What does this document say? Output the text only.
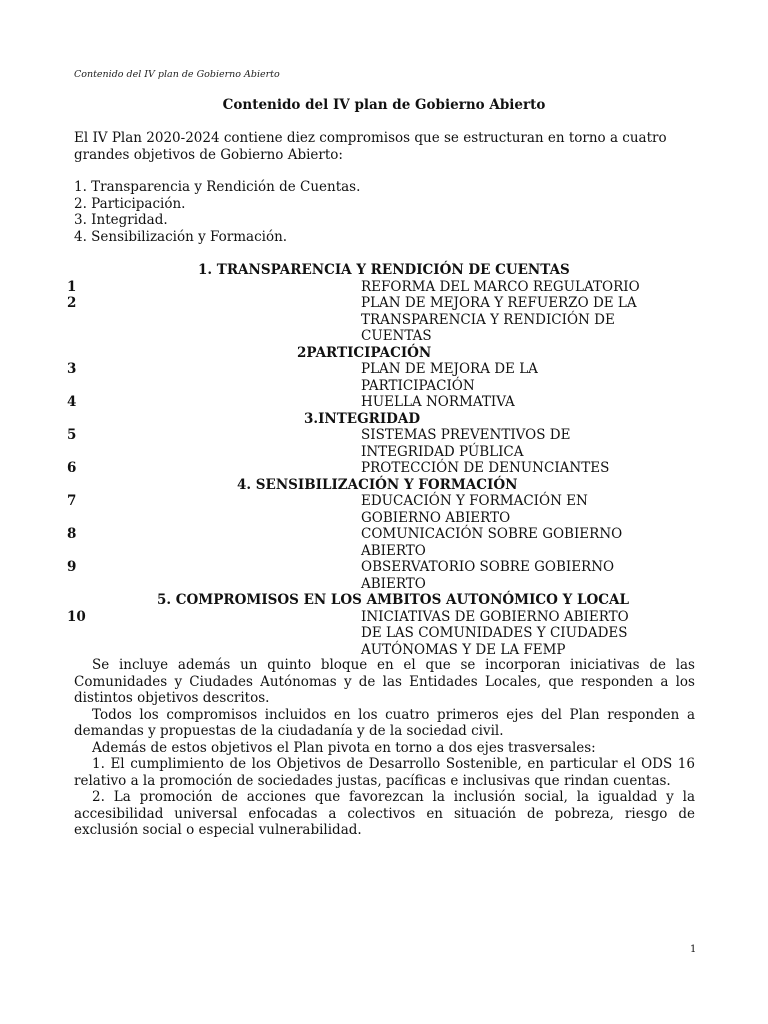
Contenido del IV plan de Gobierno Abierto
Contenido del IV plan de Gobierno Abierto

El IV Plan 2020-2024 contiene diez compromisos que se estructuran en torno a cuatro grandes objetivos de Gobierno Abierto:

1. Transparencia y Rendición de Cuentas.
2. Participación.
3. Integridad.
4. Sensibilización y Formación.
1. TRANSPARENCIA Y RENDICIÓN DE CUENTAS
1	REFORMA DEL MARCO REGULATORIO
2	PLAN DE MEJORA Y REFUERZO DE LA TRANSPARENCIA Y RENDICIÓN DE CUENTAS
2PARTICIPACIÓN
3	PLAN DE MEJORA DE LA PARTICIPACIÓN
4	HUELLA NORMATIVA
3.INTEGRIDAD
5	SISTEMAS PREVENTIVOS DE INTEGRIDAD PÚBLICA
6	PROTECCIÓN DE DENUNCIANTES
4. SENSIBILIZACIÓN Y FORMACIÓN
7	EDUCACIÓN Y FORMACIÓN EN GOBIERNO ABIERTO
8	COMUNICACIÓN SOBRE GOBIERNO ABIERTO
9	OBSERVATORIO SOBRE GOBIERNO ABIERTO
5. COMPROMISOS EN LOS AMBITOS AUTONÓMICO Y LOCAL
10	INICIATIVAS DE GOBIERNO ABIERTO DE LAS COMUNIDADES Y CIUDADES AUTÓNOMAS Y DE LA FEMP

Se incluye además un quinto bloque en el que se incorporan iniciativas de las Comunidades y Ciudades Autónomas y de las Entidades Locales, que responden a los distintos objetivos descritos.

Todos los compromisos incluidos en los cuatro primeros ejes del Plan responden a demandas y propuestas de la ciudadanía y de la sociedad civil.

Además de estos objetivos el Plan pivota en torno a dos ejes trasversales:

1. El cumplimiento de los Objetivos de Desarrollo Sostenible, en particular el ODS 16 relativo a la promoción de sociedades justas, pacíficas e inclusivas que rindan cuentas.

2. La promoción de acciones que favorezcan la inclusión social, la igualdad y la accesibilidad universal enfocadas a colectivos en situación de pobreza, riesgo de exclusión social o especial vulnerabilidad.

1
